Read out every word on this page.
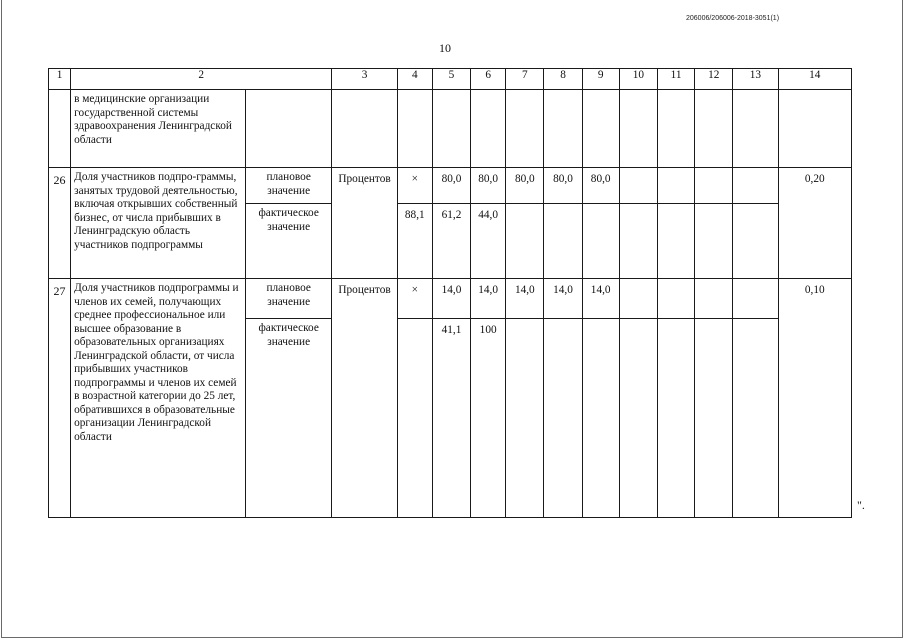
206006/206006-2018-3051(1)
10
1	2		3	4	5	6	7	8	9	10	11	12	13	14
	в медицинские организации государственной системы здравоохранения Ленинградской области													
26	Доля участников подпро-граммы, занятых трудовой деятельностью, включая открывших собственный бизнес, от числа прибывших в Ленинградскую область участников подпрограммы	плановое значение	Процентов	×	80,0	80,0	80,0	80,0	80,0					0,20
		фактическое значение		88,1	61,2	44,0								
27	Доля участников подпрограммы и членов их семей, получающих среднее профессиональное или высшее образование в образовательных организациях Ленинградской области, от числа прибывших участников подпрограммы и членов их семей в возрастной категории до 25 лет, обратившихся в образовательные организации Ленинградской области	плановое значение	Процентов	×	14,0	14,0	14,0	14,0	14,0					0,10
		фактическое значение			41,1	100								
".
